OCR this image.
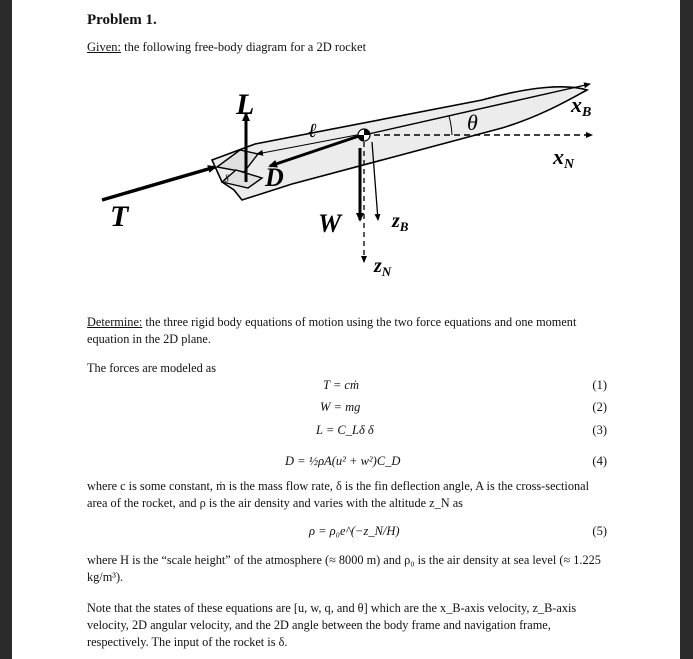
Problem 1.
Given: the following free-body diagram for a 2D rocket
L
D
T	W
ℓ	θ
δ
xB
xN
$z_B$
$z_N$
Determine: the three rigid body equations of motion using the two force equations and one moment equation in the 2D plane.
The forces are modeled as
T = cṁ	(1)
W = mg	(2)
L = C_Lδ δ	(3)
D = ½ρA(u² + w²)C_D	(4)
where c is some constant, ṁ is the mass flow rate, δ is the fin deflection angle, A is the cross-sectional area of the rocket, and ρ is the air density and varies with the altitude z_N as
ρ = ρ₀e^(−z_N/H)	(5)
where H is the “scale height” of the atmosphere (≈ 8000 m) and ρ₀ is the air density at sea level (≈ 1.225 kg/m³).
Note that the states of these equations are [u, w, q, and θ] which are the x_B-axis velocity, z_B-axis velocity, 2D angular velocity, and the 2D angle between the body frame and navigation frame, respectively. The input of the rocket is δ.
